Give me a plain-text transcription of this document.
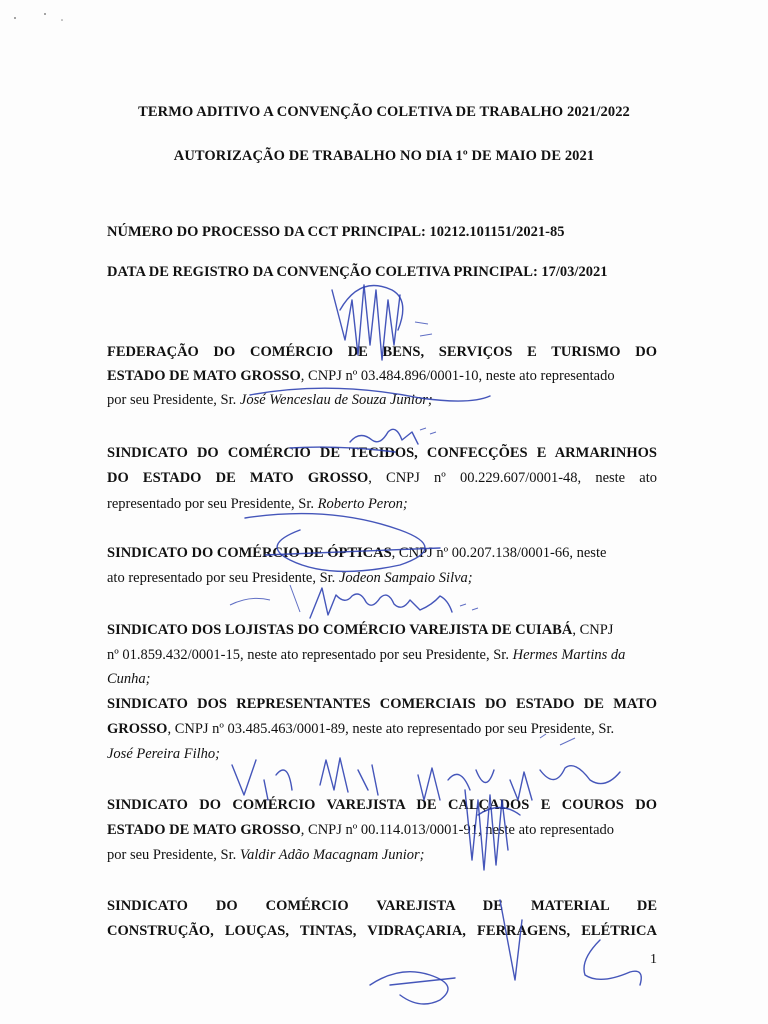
TERMO ADITIVO A CONVENÇÃO COLETIVA DE TRABALHO 2021/2022
AUTORIZAÇÃO DE TRABALHO NO DIA 1º DE MAIO DE 2021
NÚMERO DO PROCESSO DA CCT PRINCIPAL: 10212.101151/2021-85
DATA DE REGISTRO DA CONVENÇÃO COLETIVA PRINCIPAL: 17/03/2021
FEDERAÇÃO DO COMÉRCIO DE BENS, SERVIÇOS E TURISMO DO
ESTADO DE MATO GROSSO, CNPJ nº 03.484.896/0001-10, neste ato representado
por seu Presidente, Sr. José Wenceslau de Souza Junior;
SINDICATO DO COMÉRCIO DE TECIDOS, CONFECÇÕES E ARMARINHOS
DO ESTADO DE MATO GROSSO, CNPJ nº 00.229.607/0001-48, neste ato
representado por seu Presidente, Sr. Roberto Peron;
SINDICATO DO COMÉRCIO DE ÓPTICAS, CNPJ nº 00.207.138/0001-66, neste
ato representado por seu Presidente, Sr. Jodeon Sampaio Silva;
SINDICATO DOS LOJISTAS DO COMÉRCIO VAREJISTA DE CUIABÁ, CNPJ
nº 01.859.432/0001-15, neste ato representado por seu Presidente, Sr. Hermes Martins da
Cunha;
SINDICATO DOS REPRESENTANTES COMERCIAIS DO ESTADO DE MATO
GROSSO, CNPJ nº 03.485.463/0001-89, neste ato representado por seu Presidente, Sr.
José Pereira Filho;
SINDICATO DO COMÉRCIO VAREJISTA DE CALÇADOS E COUROS DO
ESTADO DE MATO GROSSO, CNPJ nº 00.114.013/0001-91, neste ato representado
por seu Presidente, Sr. Valdir Adão Macagnam Junior;
SINDICATO DO COMÉRCIO VAREJISTA DE MATERIAL DE
CONSTRUÇÃO, LOUÇAS, TINTAS, VIDRAÇARIA, FERRAGENS, ELÉTRICA
1
